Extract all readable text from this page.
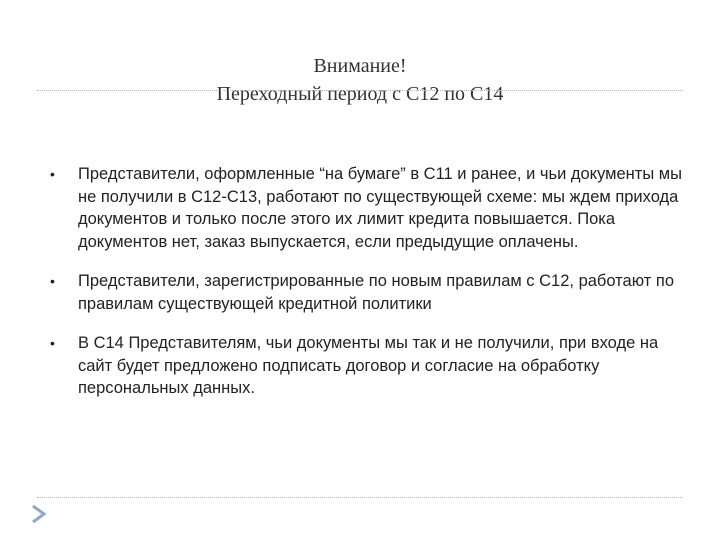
Внимание!
Переходный период с С12 по С14
• Представители, оформленные “на бумаге” в С11 и ранее, и чьи документы мы не получили в С12-С13, работают по существующей схеме: мы ждем прихода документов и только после этого их лимит кредита повышается. Пока документов нет, заказ выпускается, если предыдущие оплачены.
• Представители, зарегистрированные по новым правилам с С12, работают по правилам существующей кредитной политики
• В С14 Представителям, чьи документы мы так и не получили, при входе на сайт будет предложено подписать договор и согласие на обработку персональных данных.
